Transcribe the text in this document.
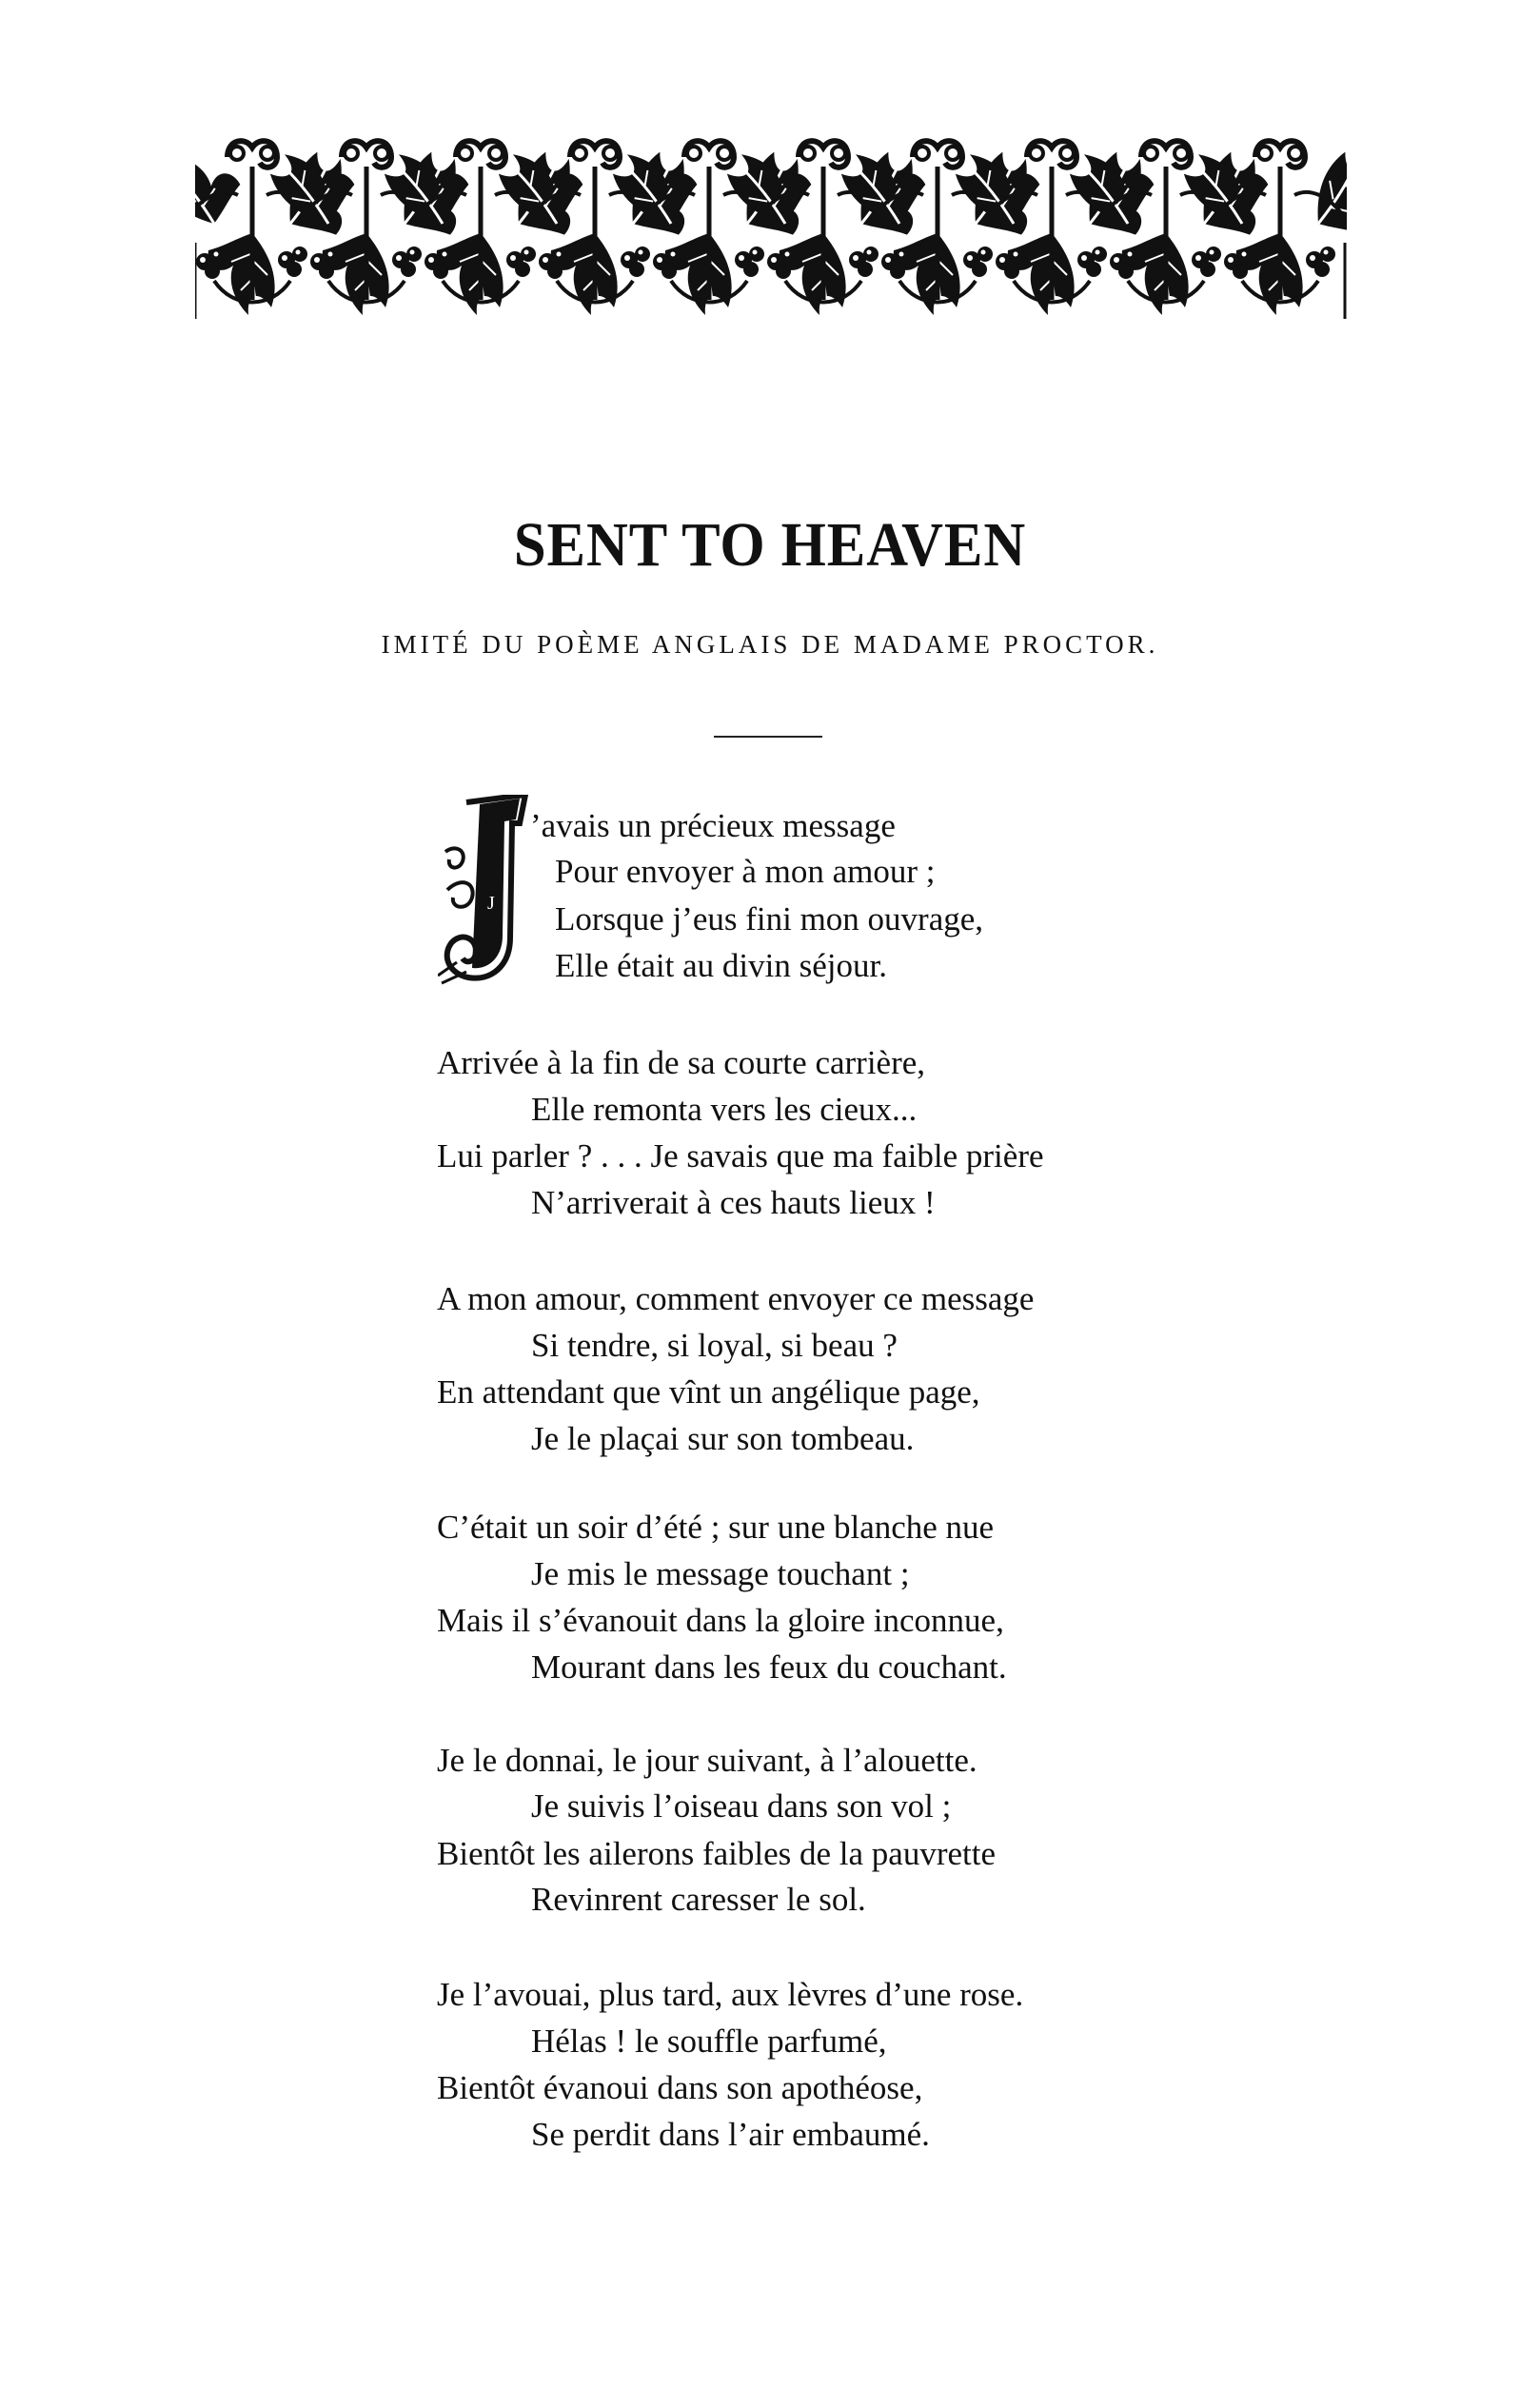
SENT TO HEAVEN

IMITÉ DU POÈME ANGLAIS DE MADAME PROCTOR.

J
’avais un précieux message
Pour envoyer à mon amour ;
Lorsque j’eus fini mon ouvrage,
Elle était au divin séjour.
Arrivée à la fin de sa courte carrière,
Elle remonta vers les cieux...
Lui parler ? . . . Je savais que ma faible prière
N’arriverait à ces hauts lieux !
A mon amour, comment envoyer ce message
Si tendre, si loyal, si beau ?
En attendant que vînt un angélique page,
Je le plaçai sur son tombeau.
C’était un soir d’été ; sur une blanche nue
Je mis le message touchant ;
Mais il s’évanouit dans la gloire inconnue,
Mourant dans les feux du couchant.
Je le donnai, le jour suivant, à l’alouette.
Je suivis l’oiseau dans son vol ;
Bientôt les ailerons faibles de la pauvrette
Revinrent caresser le sol.
Je l’avouai, plus tard, aux lèvres d’une rose.
Hélas ! le souffle parfumé,
Bientôt évanoui dans son apothéose,
Se perdit dans l’air embaumé.
